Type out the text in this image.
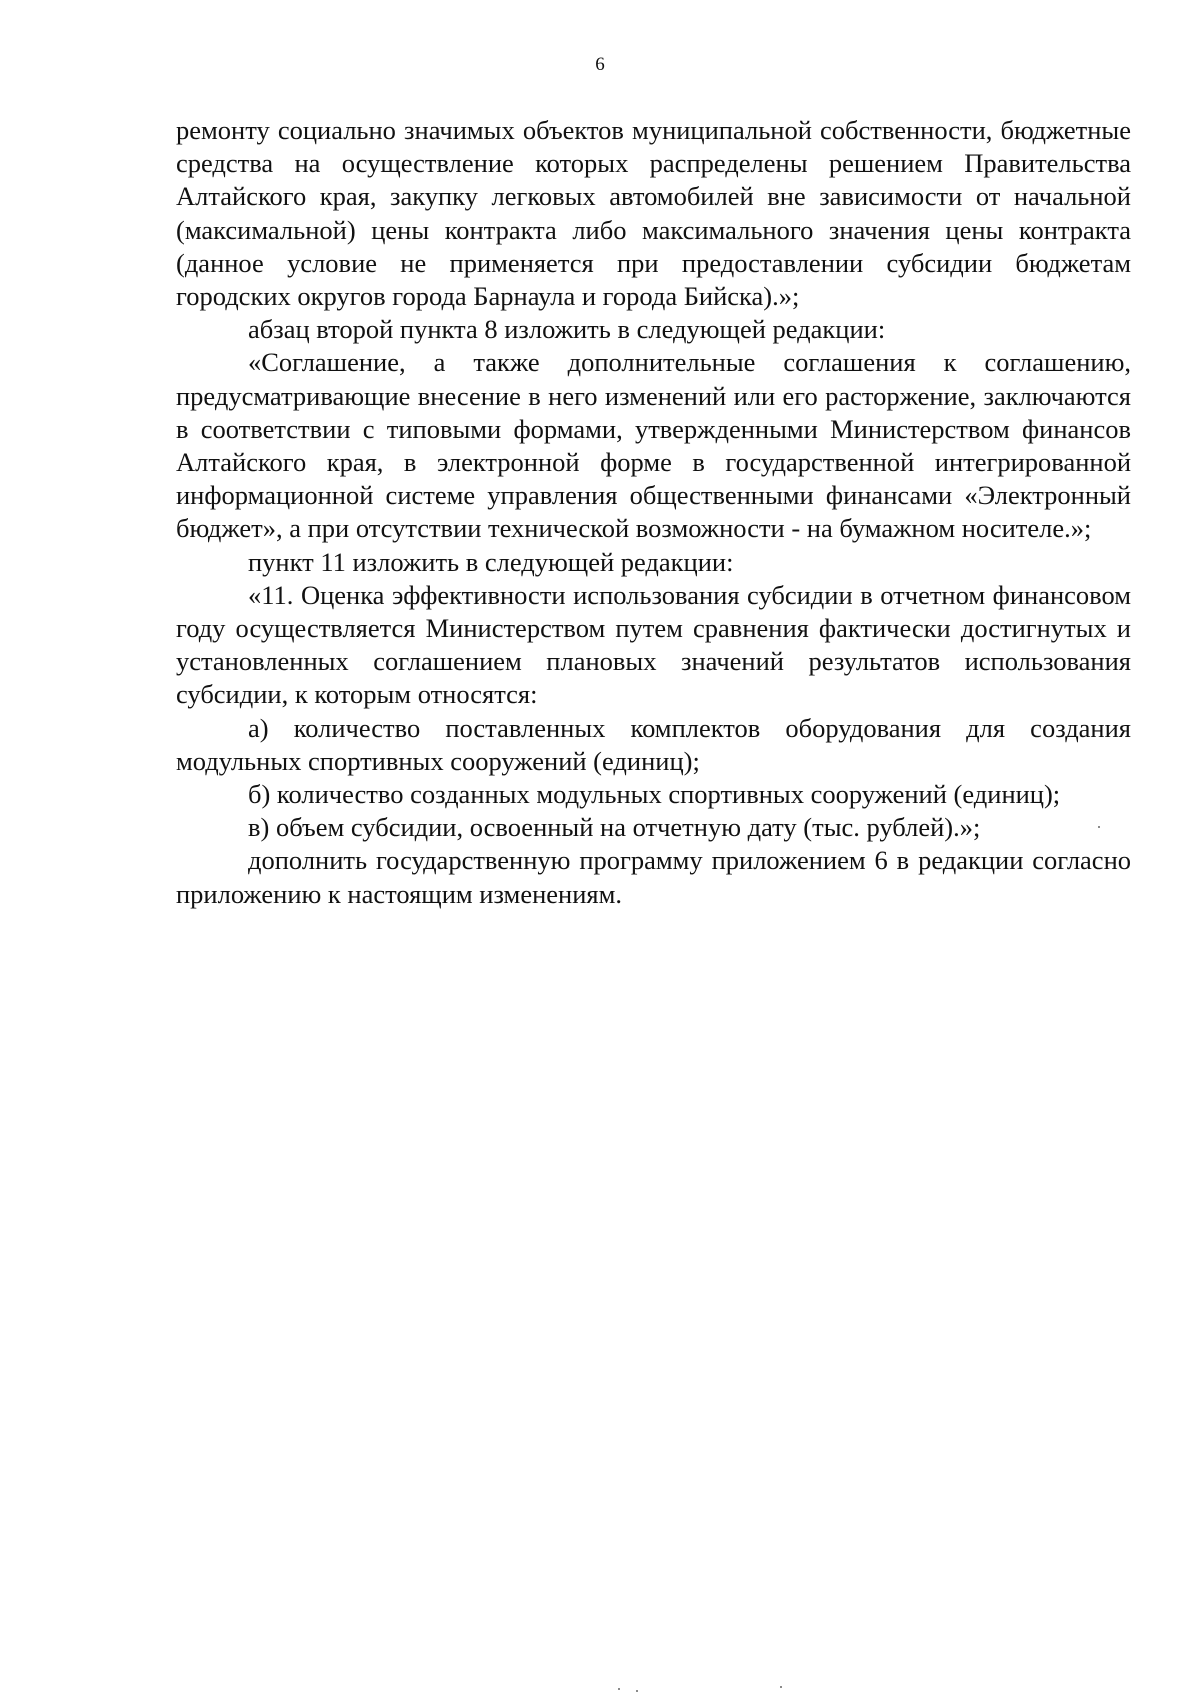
6

ремонту социально значимых объектов муниципальной собственности, бюджетные средства на осуществление которых распределены решением Правительства Алтайского края, закупку легковых автомобилей вне зависимости от начальной (максимальной) цены контракта либо максимального значения цены контракта (данное условие не применяется при предоставлении субсидии бюджетам городских округов города Барнаула и города Бийска).»;

абзац второй пункта 8 изложить в следующей редакции:

«Соглашение, а также дополнительные соглашения к соглашению, предусматривающие внесение в него изменений или его расторжение, заключаются в соответствии с типовыми формами, утвержденными Министерством финансов Алтайского края, в электронной форме в государственной интегрированной информационной системе управления общественными финансами «Электронный бюджет», а при отсутствии технической возможности - на бумажном носителе.»;

пункт 11 изложить в следующей редакции:

«11. Оценка эффективности использования субсидии в отчетном финансовом году осуществляется Министерством путем сравнения фактически достигнутых и установленных соглашением плановых значений результатов использования субсидии, к которым относятся:

а) количество поставленных комплектов оборудования для создания модульных спортивных сооружений (единиц);

б) количество созданных модульных спортивных сооружений (единиц);

в) объем субсидии, освоенный на отчетную дату (тыс. рублей).»;

дополнить государственную программу приложением 6 в редакции согласно приложению к настоящим изменениям.
